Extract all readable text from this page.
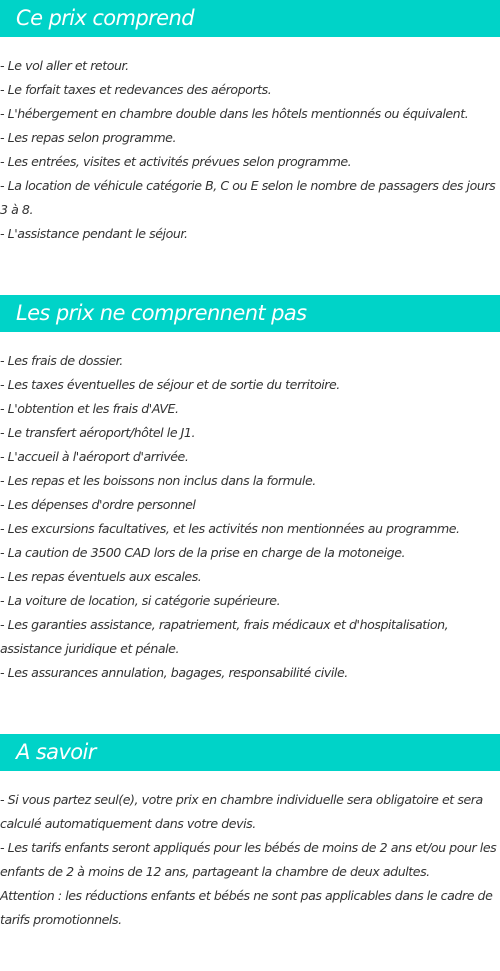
Ce prix comprend
- Le vol aller et retour.
- Le forfait taxes et redevances des aéroports.
- L'hébergement en chambre double dans les hôtels mentionnés ou équivalent.
- Les repas selon programme.
- Les entrées, visites et activités prévues selon programme.
- La location de véhicule catégorie B, C ou E selon le nombre de passagers des jours 3 à 8.
- L'assistance pendant le séjour.
Les prix ne comprennent pas
- Les frais de dossier.
- Les taxes éventuelles de séjour et de sortie du territoire.
- L'obtention et les frais d'AVE.
- Le transfert aéroport/hôtel le J1.
- L'accueil à l'aéroport d'arrivée.
- Les repas et les boissons non inclus dans la formule.
- Les dépenses d'ordre personnel
- Les excursions facultatives, et les activités non mentionnées au programme.
- La caution de 3500 CAD lors de la prise en charge de la motoneige.
- Les repas éventuels aux escales.
- La voiture de location, si catégorie supérieure.
- Les garanties assistance, rapatriement, frais médicaux et d'hospitalisation, assistance juridique et pénale.
- Les assurances annulation, bagages, responsabilité civile.
A savoir
- Si vous partez seul(e), votre prix en chambre individuelle sera obligatoire et sera calculé automatiquement dans votre devis.
- Les tarifs enfants seront appliqués pour les bébés de moins de 2 ans et/ou pour les enfants de 2 à moins de 12 ans, partageant la chambre de deux adultes.
Attention : les réductions enfants et bébés ne sont pas applicables dans le cadre de tarifs promotionnels.
